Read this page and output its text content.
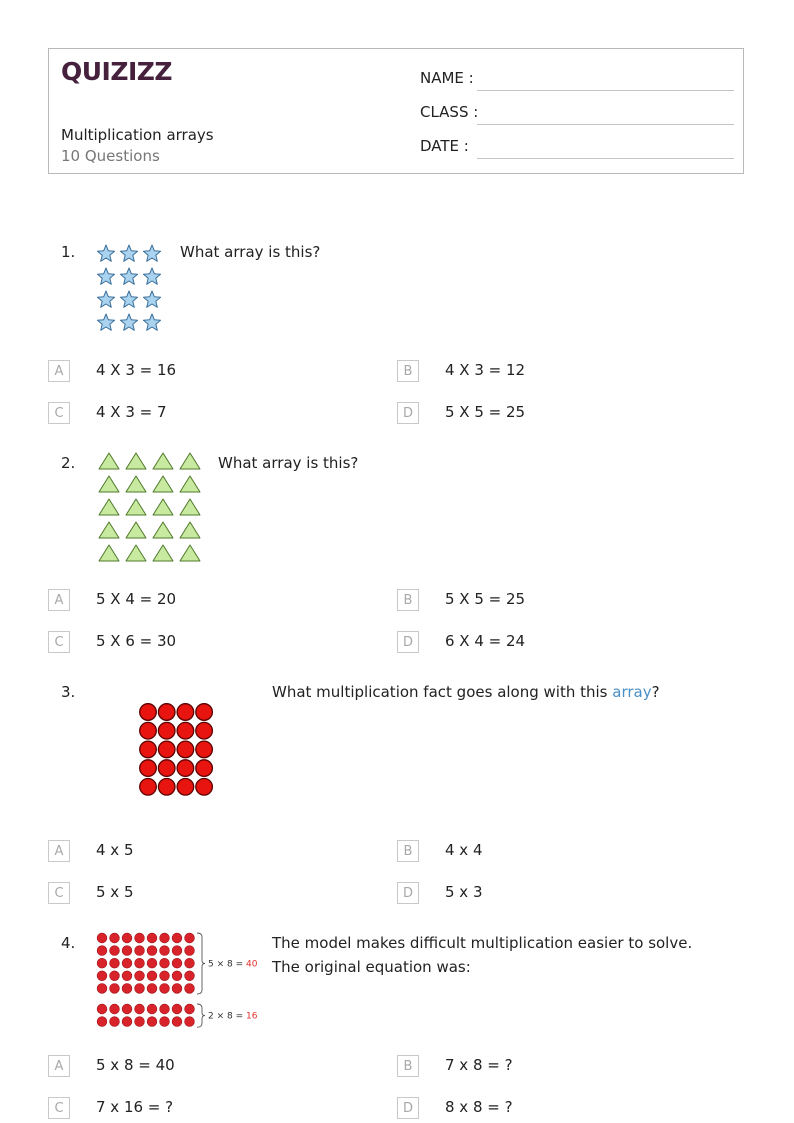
QUIZIZZ
Multiplication arrays
10 Questions
NAME :
CLASS :
DATE :
1.	What array is this?
A	4 X 3 = 16	B	4 X 3 = 12
C	4 X 3 = 7	D	5 X 5 = 25
2.	What array is this?
A	5 X 4 = 20	B	5 X 5 = 25
C	5 X 6 = 30	D	6 X 4 = 24
3.	What multiplication fact goes along with this array?
A	4 x 5	B	4 x 4
C	5 x 5	D	5 x 3
4.
5 × 8 = 40
2 × 8 = 16
The model makes difficult multiplication easier to solve. The original equation was:
A	5 x 8 = 40	B	7 x 8 = ?
C	7 x 16 = ?	D	8 x 8 = ?
